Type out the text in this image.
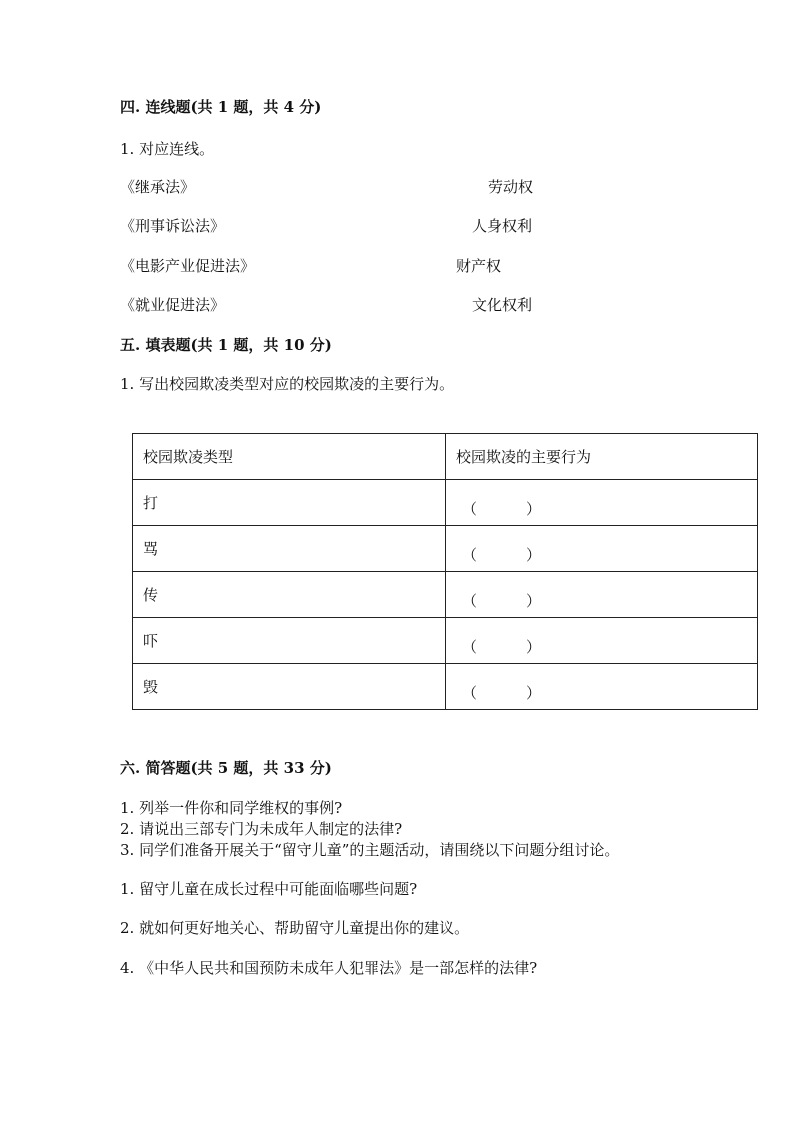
四. 连线题(共 1 题，共 4 分)
1. 对应连线。
《继承法》	劳动权
《刑事诉讼法》	人身权利
《电影产业促进法》	财产权
《就业促进法》	文化权利
五. 填表题(共 1 题，共 10 分)
1. 写出校园欺凌类型对应的校园欺凌的主要行为。
校园欺凌类型	校园欺凌的主要行为
打	（ ）

骂	（ ）

传	（ ）

吓	（ ）

毁	（ ）
六. 简答题(共 5 题，共 33 分)
1. 列举一件你和同学维权的事例?
2. 请说出三部专门为未成年人制定的法律?
3. 同学们准备开展关于“留守儿童”的主题活动，请围绕以下问题分组讨论。
1. 留守儿童在成长过程中可能面临哪些问题?
2. 就如何更好地关心、帮助留守儿童提出你的建议。
4. 《中华人民共和国预防未成年人犯罪法》是一部怎样的法律?
